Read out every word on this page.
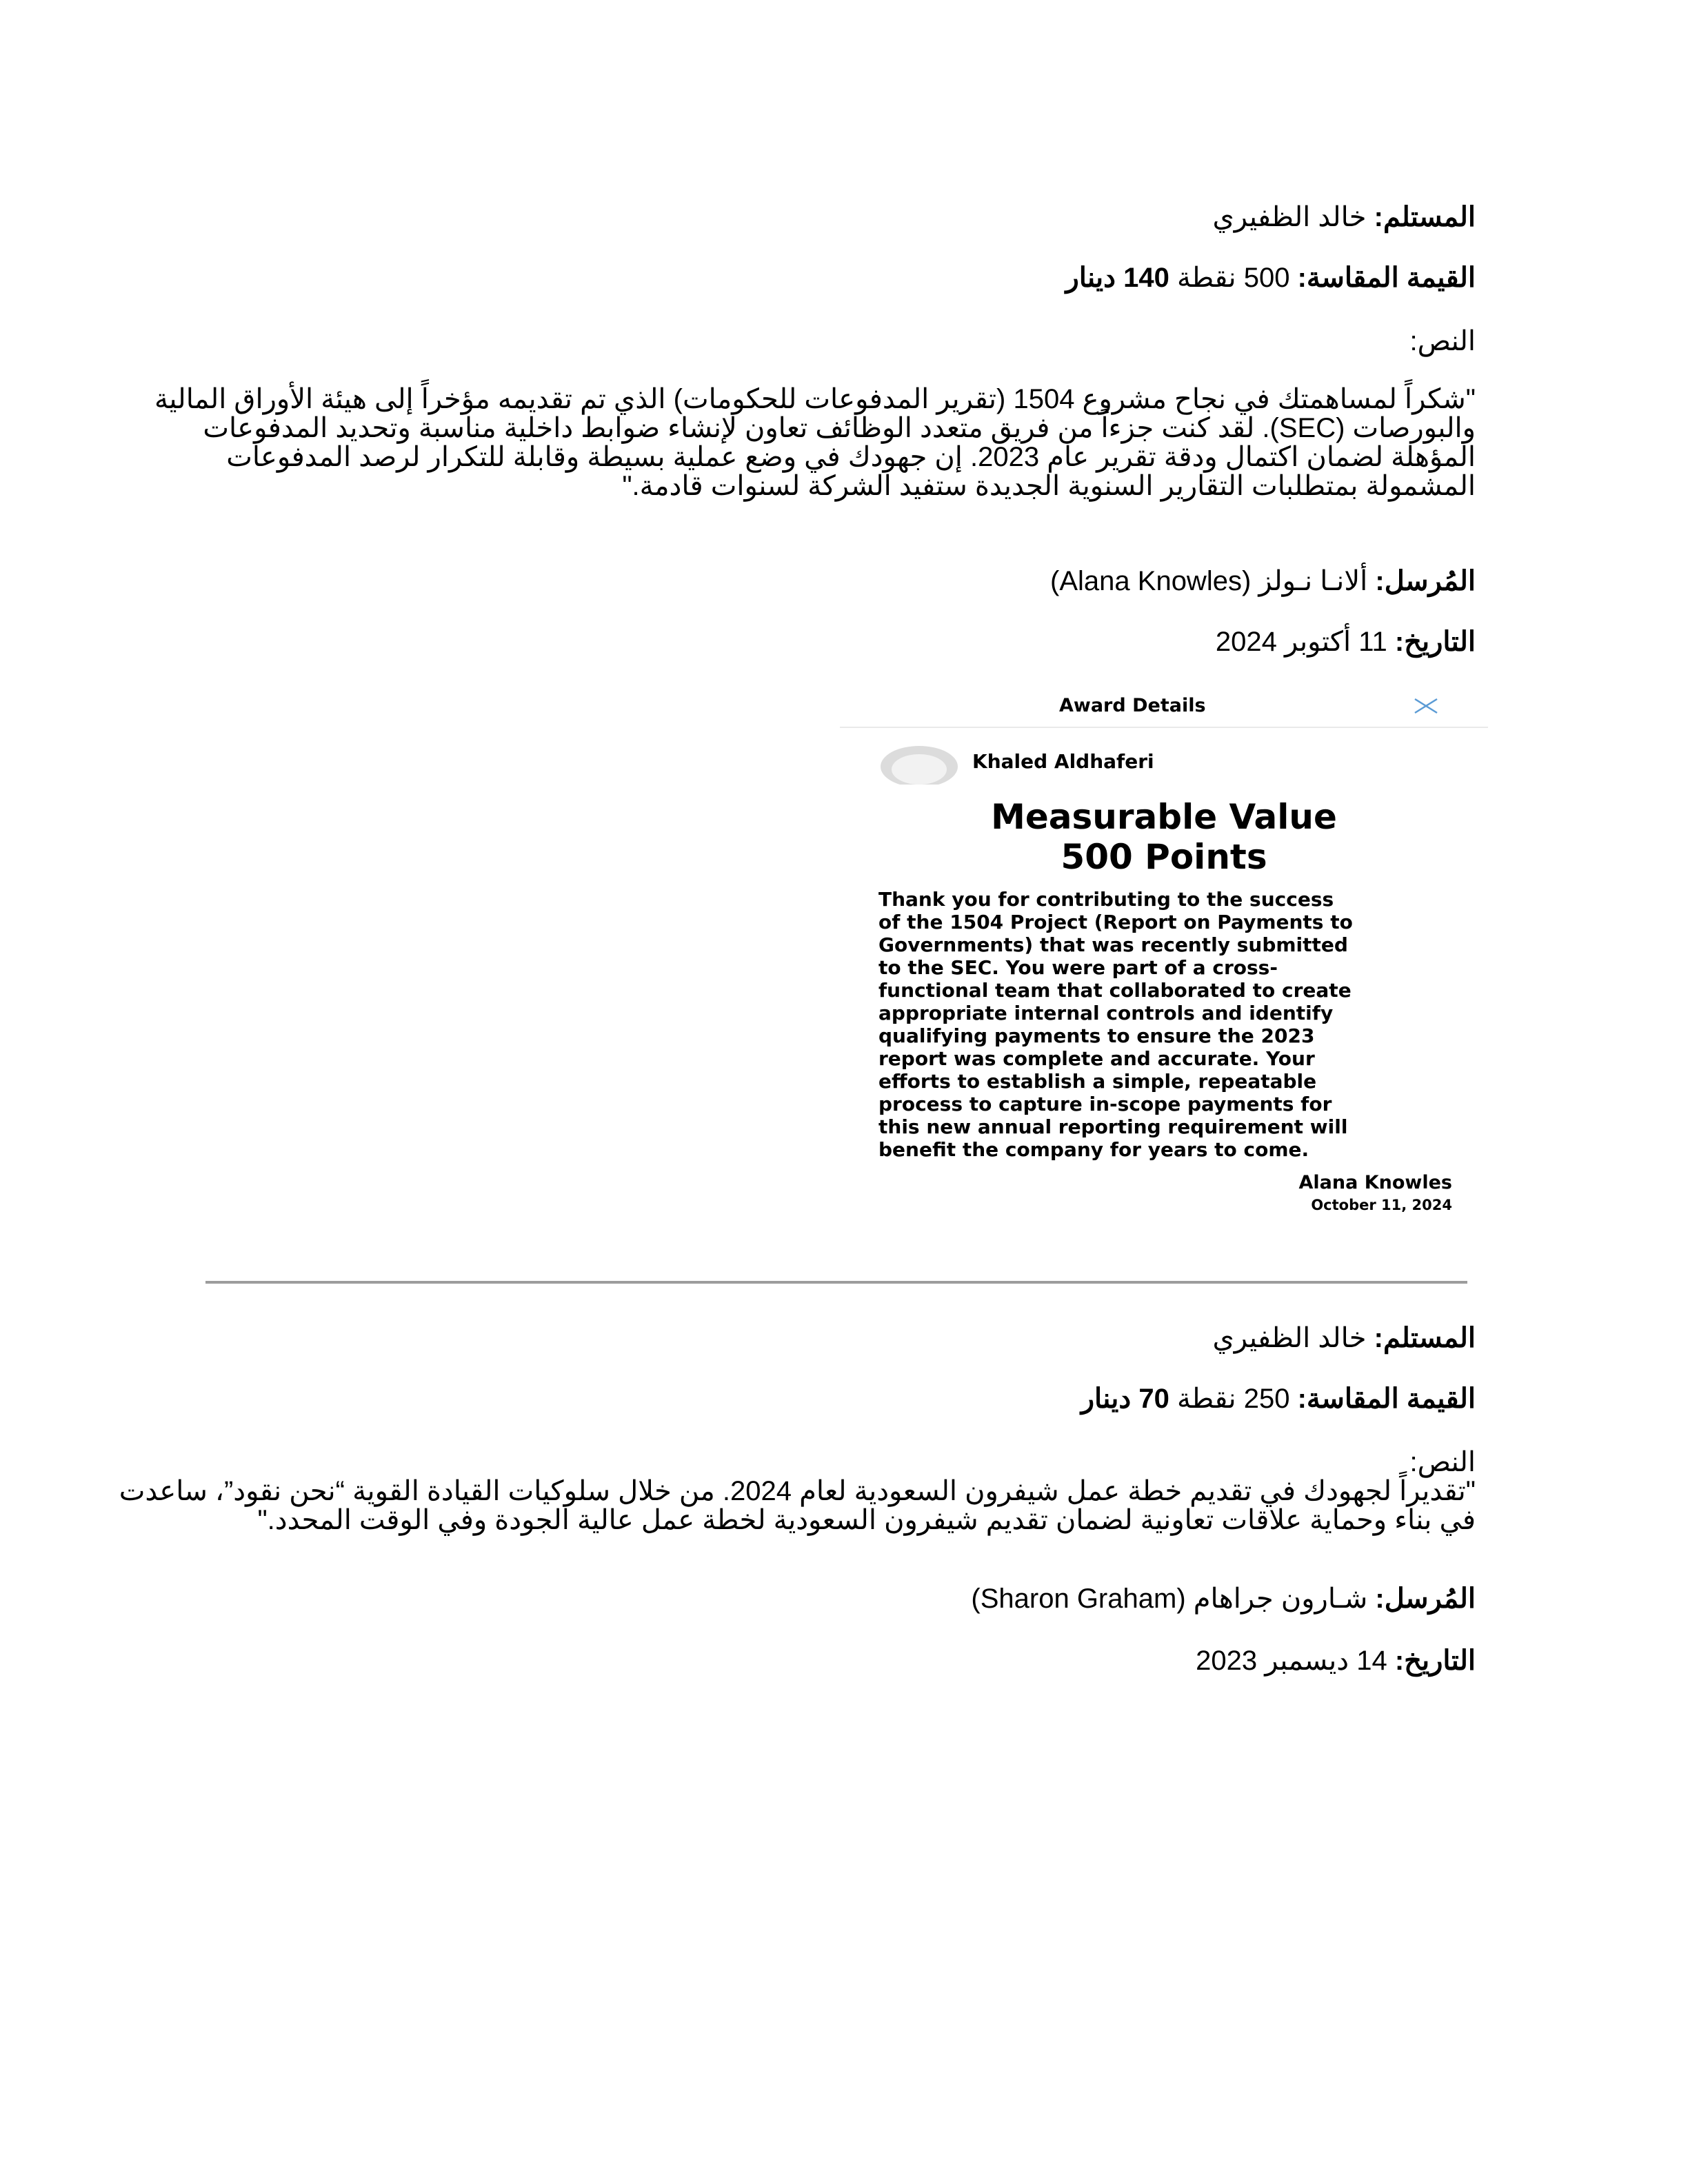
المستلم: خالد الظفيري
القيمة المقاسة: 500 نقطة 140 دينار
:النص
"شكراً لمساهمتك في نجاح مشروع 1504 (تقرير المدفوعات للحكومات) الذي تم تقديمه مؤخراً إلى هيئة الأوراق المالية
والبورصات (SEC). لقد كنت جزءاً من فريق متعدد الوظائف تعاون لإنشاء ضوابط داخلية مناسبة وتحديد المدفوعات
المؤهلة لضمان اكتمال ودقة تقرير عام 2023. إن جهودك في وضع عملية بسيطة وقابلة للتكرار لرصد المدفوعات
المشمولة بمتطلبات التقارير السنوية الجديدة ستفيد الشركة لسنوات قادمة."
المُرسل: ألانـا نـولز (Alana Knowles)
التاريخ: 11 أكتوبر 2024
Award Details
Khaled Aldhaferi
Measurable Value
500 Points
Thank you for contributing to the success
of the 1504 Project (Report on Payments to
Governments) that was recently submitted
to the SEC. You were part of a cross-
functional team that collaborated to create
appropriate internal controls and identify
qualifying payments to ensure the 2023
report was complete and accurate. Your
efforts to establish a simple, repeatable
process to capture in-scope payments for
this new annual reporting requirement will
benefit the company for years to come.
Alana Knowles
October 11, 2024
المستلم: خالد الظفيري
القيمة المقاسة: 250 نقطة 70 دينار
النص:
"تقديراً لجهودك في تقديم خطة عمل شيفرون السعودية لعام 2024. من خلال سلوكيات القيادة القوية “نحن نقود”، ساعدت
في بناء وحماية علاقات تعاونية لضمان تقديم شيفرون السعودية لخطة عمل عالية الجودة وفي الوقت المحدد."
المُرسل: شـارون جراهام (Sharon Graham)
التاريخ: 14 ديسمبر 2023
